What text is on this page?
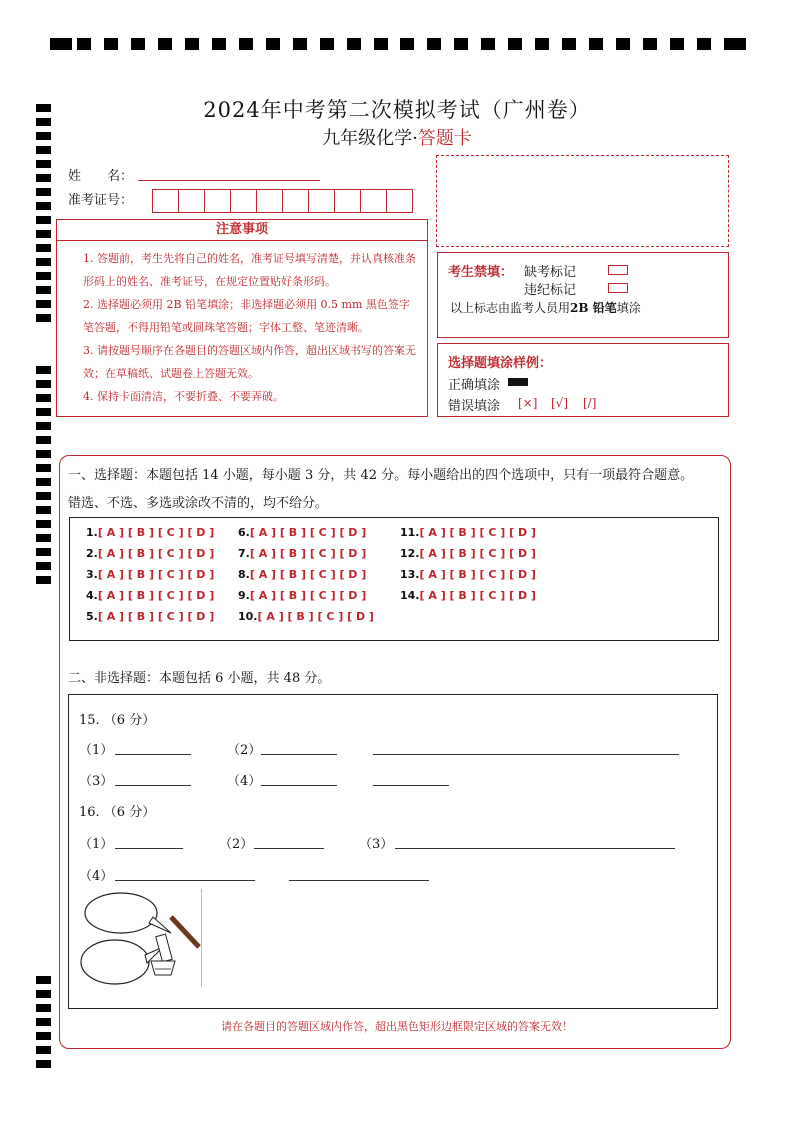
2024年中考第二次模拟考试（广州卷）
九年级化学·答题卡
姓　　名：
准考证号：
注意事项
1. 答题前，考生先将自己的姓名，准考证号填写清楚，并认真核准条形码上的姓名、准考证号，在规定位置贴好条形码。
2. 选择题必须用 2B 铅笔填涂；非选择题必须用 0.5 mm 黑色签字笔答题，不得用铅笔或圆珠笔答题；字体工整、笔迹清晰。
3. 请按题号顺序在各题目的答题区域内作答，超出区域书写的答案无效；在草稿纸、试题卷上答题无效。
4. 保持卡面清洁，不要折叠、不要弄破。
考生禁填： 缺考标记
违纪标记
以上标志由监考人员用2B 铅笔填涂
选择题填涂样例：
正确填涂
错误填涂 [×] [√] [/]
一、选择题：本题包括 14 小题，每小题 3 分，共 42 分。每小题给出的四个选项中，只有一项最符合题意。
错选、不选、多选或涂改不清的，均不给分。
1.[ A ] [ B ] [ C ] [ D ]
2.[ A ] [ B ] [ C ] [ D ]
3.[ A ] [ B ] [ C ] [ D ]
4.[ A ] [ B ] [ C ] [ D ]
5.[ A ] [ B ] [ C ] [ D ]
6.[ A ] [ B ] [ C ] [ D ]
7.[ A ] [ B ] [ C ] [ D ]
8.[ A ] [ B ] [ C ] [ D ]
9.[ A ] [ B ] [ C ] [ D ]
10.[ A ] [ B ] [ C ] [ D ]
11.[ A ] [ B ] [ C ] [ D ]
12.[ A ] [ B ] [ C ] [ D ]
13.[ A ] [ B ] [ C ] [ D ]
14.[ A ] [ B ] [ C ] [ D ]
二、非选择题：本题包括 6 小题，共 48 分。
15. （6 分）
（1）	（2）
（3）	（4）
16. （6 分）
（1）	（2）	（3）
（4）
请在各题目的答题区域内作答，超出黑色矩形边框限定区域的答案无效！
